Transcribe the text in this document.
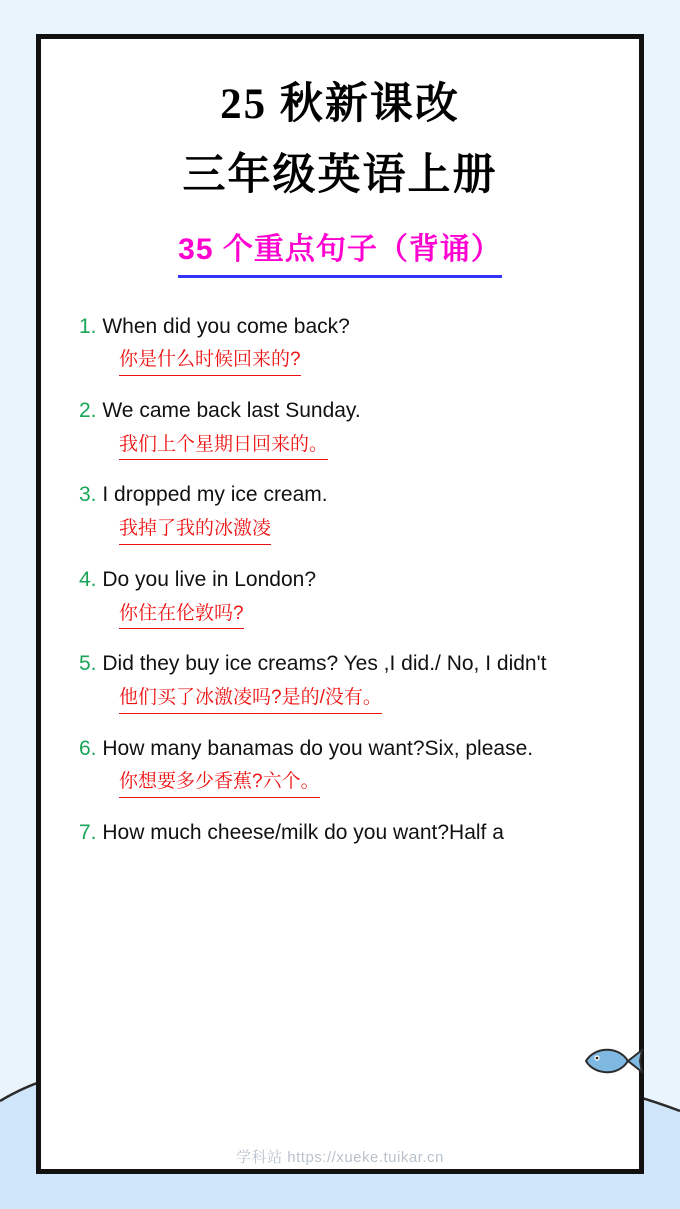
25 秋新课改
三年级英语上册
35 个重点句子（背诵）
1. When did you come back?
你是什么时候回来的?
2. We came back last Sunday.
我们上个星期日回来的。
3. I dropped my ice cream.
我掉了我的冰激凌
4. Do you live in London?
你住在伦敦吗?
5. Did they buy ice creams? Yes ,I did./ No, I didn't
他们买了冰激凌吗?是的/没有。
6. How many banamas do you want?Six, please.
你想要多少香蕉?六个。
7. How much cheese/milk do you want?Half a
学科站 https://xueke.tuikar.cn
